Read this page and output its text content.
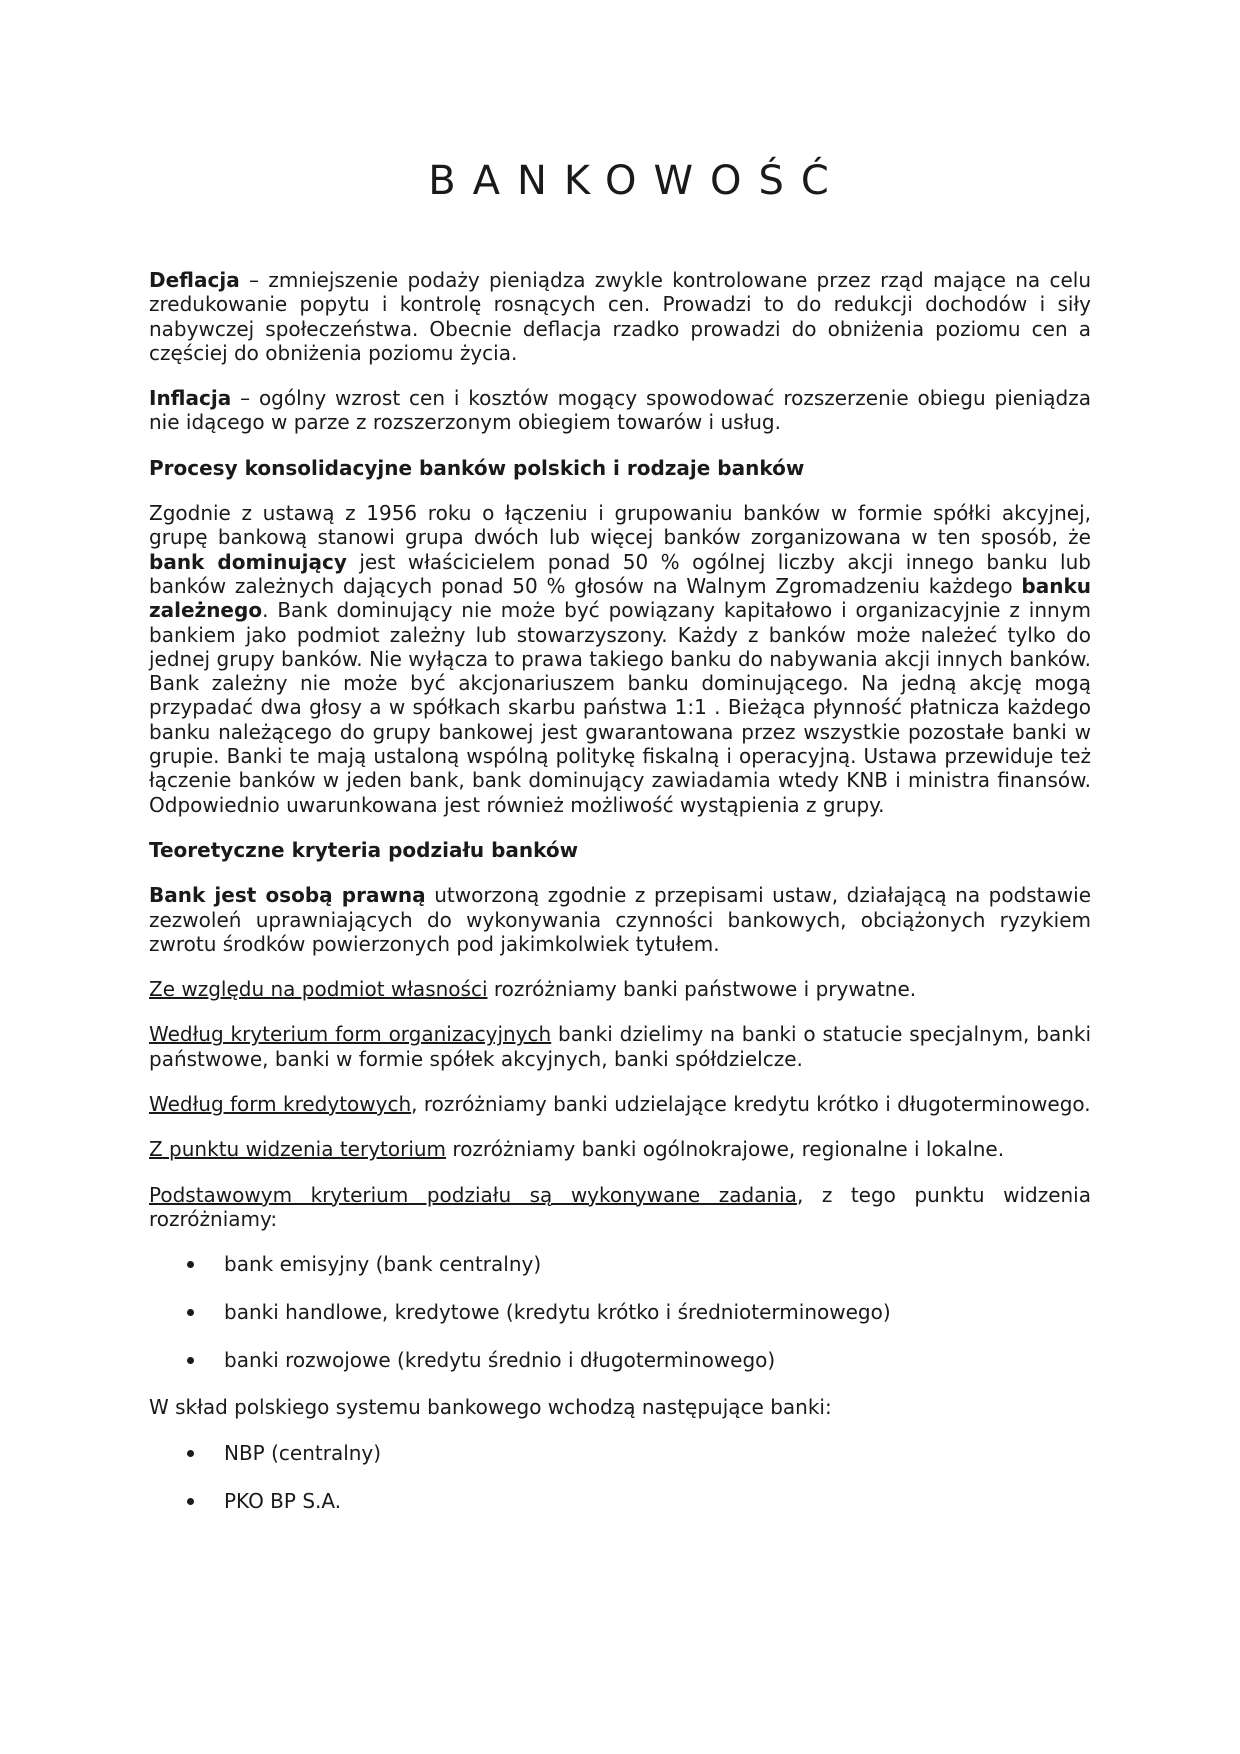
BANKOWOŚĆ

Deflacja – zmniejszenie podaży pieniądza zwykle kontrolowane przez rząd mające na celu zredukowanie popytu i kontrolę rosnących cen. Prowadzi to do redukcji dochodów i siły nabywczej społeczeństwa. Obecnie deflacja rzadko prowadzi do obniżenia poziomu cen a częściej do obniżenia poziomu życia.

Inflacja – ogólny wzrost cen i kosztów mogący spowodować rozszerzenie obiegu pieniądza nie idącego w parze z rozszerzonym obiegiem towarów i usług.

Procesy konsolidacyjne banków polskich i rodzaje banków

Zgodnie z ustawą z 1956 roku o łączeniu i grupowaniu banków w formie spółki akcyjnej, grupę bankową stanowi grupa dwóch lub więcej banków zorganizowana w ten sposób, że bank dominujący jest właścicielem ponad 50 % ogólnej liczby akcji innego banku lub banków zależnych dających ponad 50 % głosów na Walnym Zgromadzeniu każdego banku zależnego. Bank dominujący nie może być powiązany kapitałowo i organizacyjnie z innym bankiem jako podmiot zależny lub stowarzyszony. Każdy z banków może należeć tylko do jednej grupy banków. Nie wyłącza to prawa takiego banku do nabywania akcji innych banków. Bank zależny nie może być akcjonariuszem banku dominującego. Na jedną akcję mogą przypadać dwa głosy a w spółkach skarbu państwa 1:1 . Bieżąca płynność płatnicza każdego banku należącego do grupy bankowej jest gwarantowana przez wszystkie pozostałe banki w grupie. Banki te mają ustaloną wspólną politykę fiskalną i operacyjną. Ustawa przewiduje też łączenie banków w jeden bank, bank dominujący zawiadamia wtedy KNB i ministra finansów. Odpowiednio uwarunkowana jest również możliwość wystąpienia z grupy.

Teoretyczne kryteria podziału banków

Bank jest osobą prawną utworzoną zgodnie z przepisami ustaw, działającą na podstawie zezwoleń uprawniających do wykonywania czynności bankowych, obciążonych ryzykiem zwrotu środków powierzonych pod jakimkolwiek tytułem.

Ze względu na podmiot własności rozróżniamy banki państwowe i prywatne.

Według kryterium form organizacyjnych banki dzielimy na banki o statucie specjalnym, banki państwowe, banki w formie spółek akcyjnych, banki spółdzielcze.

Według form kredytowych, rozróżniamy banki udzielające kredytu krótko i długoterminowego.

Z punktu widzenia terytorium rozróżniamy banki ogólnokrajowe, regionalne i lokalne.

Podstawowym kryterium podziału są wykonywane zadania, z tego punktu widzenia rozróżniamy:

bank emisyjny (bank centralny)
banki handlowe, kredytowe (kredytu krótko i średnioterminowego)
banki rozwojowe (kredytu średnio i długoterminowego)

W skład polskiego systemu bankowego wchodzą następujące banki:

NBP (centralny)
PKO BP S.A.
